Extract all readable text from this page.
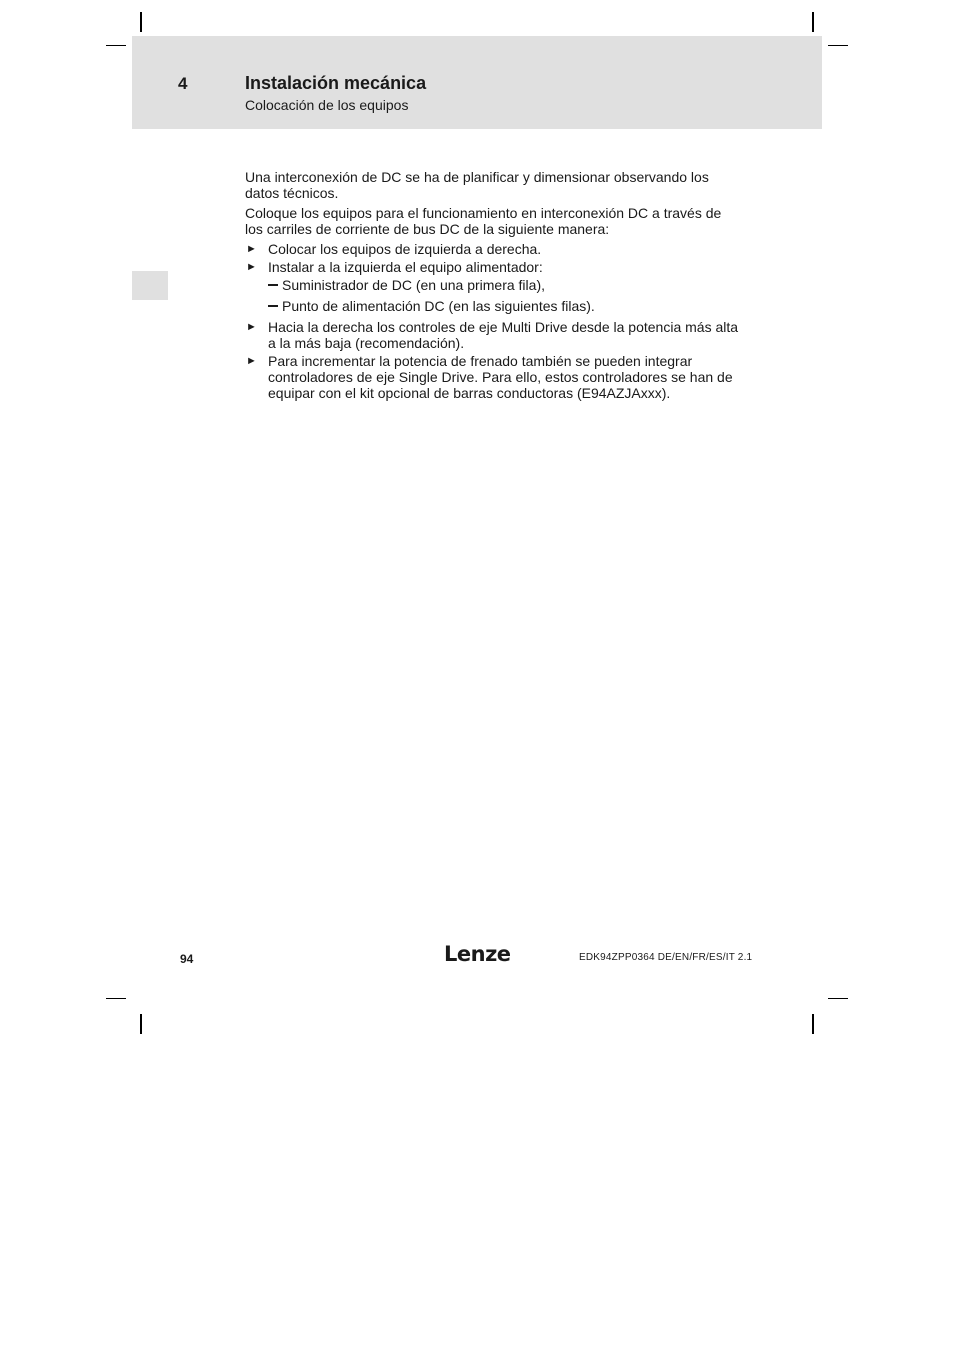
4	Instalación mecánica
Colocación de los equipos

Una interconexión de DC se ha de planificar y dimensionar observando los datos técnicos.

Coloque los equipos para el funcionamiento en interconexión DC a través de los carriles de corriente de bus DC de la siguiente manera:

► Colocar los equipos de izquierda a derecha.
► Instalar a la izquierda el equipo alimentador:
Suministrador de DC (en una primera fila),
Punto de alimentación DC (en las siguientes filas).
► Hacia la derecha los controles de eje Multi Drive desde la potencia más alta a la más baja (recomendación).
► Para incrementar la potencia de frenado también se pueden integrar controladores de eje Single Drive. Para ello, estos controladores se han de equipar con el kit opcional de barras conductoras (E94AZJAxxx).
94	Lenze	EDK94ZPP0364 DE/EN/FR/ES/IT 2.1
